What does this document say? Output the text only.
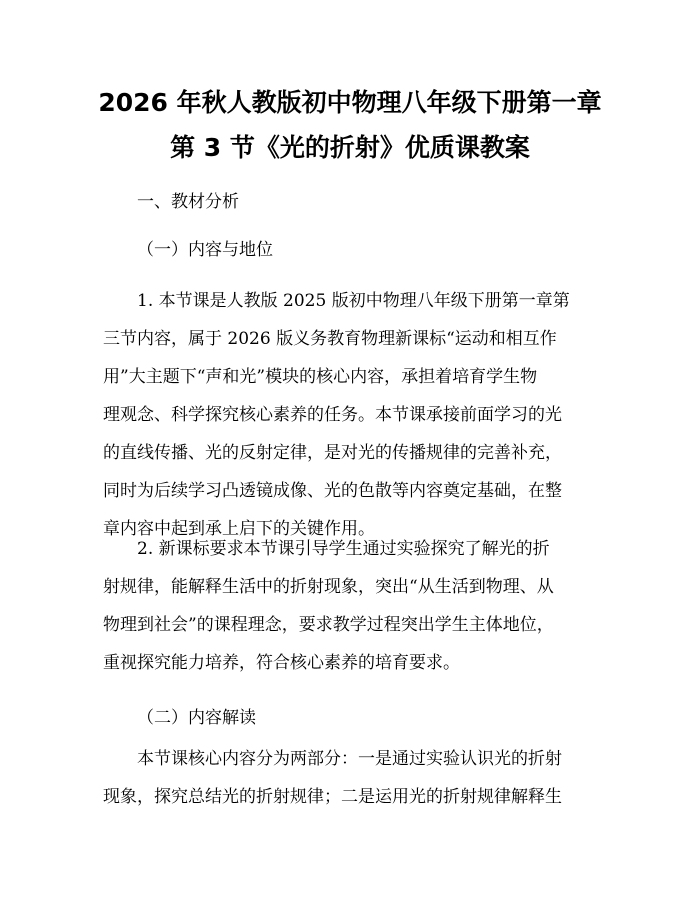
2026 年秋人教版初中物理八年级下册第一章
第 3 节《光的折射》优质课教案
一、教材分析
（一）内容与地位
1. 本节课是人教版 2025 版初中物理八年级下册第一章第
三节内容，属于 2026 版义务教育物理新课标“运动和相互作
用”大主题下“声和光”模块的核心内容，承担着培育学生物
理观念、科学探究核心素养的任务。本节课承接前面学习的光
的直线传播、光的反射定律，是对光的传播规律的完善补充，
同时为后续学习凸透镜成像、光的色散等内容奠定基础，在整
章内容中起到承上启下的关键作用。
2. 新课标要求本节课引导学生通过实验探究了解光的折
射规律，能解释生活中的折射现象，突出“从生活到物理、从
物理到社会”的课程理念，要求教学过程突出学生主体地位，
重视探究能力培养，符合核心素养的培育要求。
（二）内容解读
本节课核心内容分为两部分：一是通过实验认识光的折射
现象，探究总结光的折射规律；二是运用光的折射规律解释生
